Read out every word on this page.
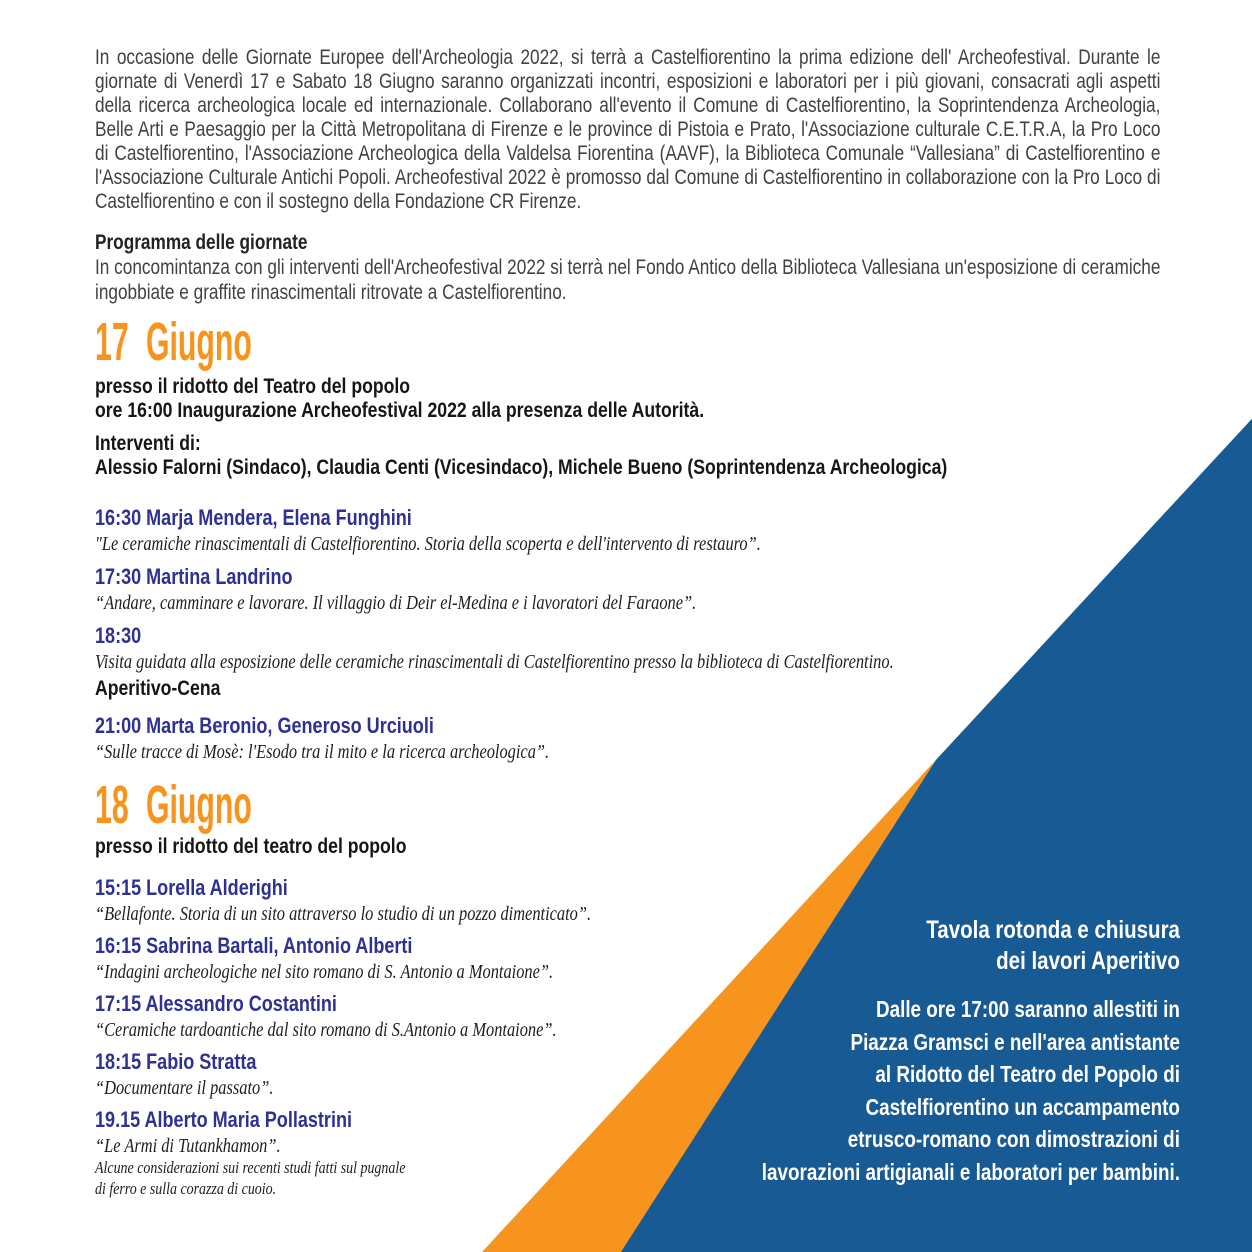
In occasione delle Giornate Europee dell'Archeologia 2022, si terrà a Castelfiorentino la prima edizione dell' Archeofestival. Durante le giornate di Venerdì 17 e Sabato 18 Giugno saranno organizzati incontri, esposizioni e laboratori per i più giovani, consacrati agli aspetti della ricerca archeologica locale ed internazionale. Collaborano all'evento il Comune di Castelfiorentino, la Soprintendenza Archeologia, Belle Arti e Paesaggio per la Città Metropolitana di Firenze e le province di Pistoia e Prato, l'Associazione culturale C.E.T.R.A, la Pro Loco di Castelfiorentino, l'Associazione Archeologica della Valdelsa Fiorentina (AAVF), la Biblioteca Comunale “Vallesiana” di Castelfiorentino e l'Associazione Culturale Antichi Popoli. Archeofestival 2022 è promosso dal Comune di Castelfiorentino in collaborazione con la Pro Loco di Castelfiorentino e con il sostegno della Fondazione CR Firenze.

Programma delle giornate

In concomintanza con gli interventi dell'Archeofestival 2022 si terrà nel Fondo Antico della Biblioteca Vallesiana un'esposizione di ceramiche ingobbiate e graffite rinascimentali ritrovate a Castelfiorentino.

17 Giugno
presso il ridotto del Teatro del popolo
ore 16:00 Inaugurazione Archeofestival 2022 alla presenza delle Autorità.
Interventi di:
Alessio Falorni (Sindaco), Claudia Centi (Vicesindaco), Michele Bueno (Soprintendenza Archeologica)
16:30 Marja Mendera, Elena Funghini
"Le ceramiche rinascimentali di Castelfiorentino. Storia della scoperta e dell'intervento di restauro”.
17:30 Martina Landrino
“Andare, camminare e lavorare. Il villaggio di Deir el-Medina e i lavoratori del Faraone”.
18:30
Visita guidata alla esposizione delle ceramiche rinascimentali di Castelfiorentino presso la biblioteca di Castelfiorentino.
Aperitivo-Cena
21:00 Marta Beronio, Generoso Urciuoli
“Sulle tracce di Mosè: l'Esodo tra il mito e la ricerca archeologica”.
18 Giugno
presso il ridotto del teatro del popolo
15:15 Lorella Alderighi
“Bellafonte. Storia di un sito attraverso lo studio di un pozzo dimenticato”.
16:15 Sabrina Bartali, Antonio Alberti
“Indagini archeologiche nel sito romano di S. Antonio a Montaione”.
17:15 Alessandro Costantini
“Ceramiche tardoantiche dal sito romano di S.Antonio a Montaione”.
18:15 Fabio Stratta
“Documentare il passato”.
19.15 Alberto Maria Pollastrini
“Le Armi di Tutankhamon”.
Alcune considerazioni sui recenti studi fatti sul pugnale
di ferro e sulla corazza di cuoio.
Tavola rotonda e chiusura
dei lavori Aperitivo
Dalle ore 17:00 saranno allestiti in
Piazza Gramsci e nell'area antistante
al Ridotto del Teatro del Popolo di
Castelfiorentino un accampamento
etrusco-romano con dimostrazioni di
lavorazioni artigianali e laboratori per bambini.
